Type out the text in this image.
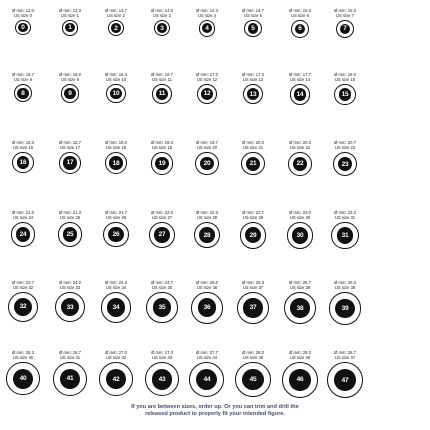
Ø mm: 13.0
US size 0
0
Ø mm: 13.3
US size 1
1
Ø mm: 13.7
US size 2
2
Ø mm: 14.0
US size 3
3
Ø mm: 14.3
US size 4
4
Ø mm: 14.7
US size 5
5
Ø mm: 15.0
US size 6
6
Ø mm: 15.3
US size 7
7
Ø mm: 15.7
US size 8
8
Ø mm: 16.0
US size 9
9
Ø mm: 16.3
US size 10
10
Ø mm: 16.7
US size 11
11
Ø mm: 17.0
US size 12
12
Ø mm: 17.3
US size 13
13
Ø mm: 17.7
US size 14
14
Ø mm: 18.0
US size 15
15
Ø mm: 18.3
US size 16
16
Ø mm: 18.7
US size 17
17
Ø mm: 19.0
US size 18
18
Ø mm: 19.3
US size 19
19
Ø mm: 19.7
US size 20
20
Ø mm: 20.0
US size 21
21
Ø mm: 20.3
US size 22
22
Ø mm: 20.7
US size 23
23
Ø mm: 21.0
US size 24
24
Ø mm: 21.3
US size 25
25
Ø mm: 21.7
US size 26
26
Ø mm: 22.0
US size 27
27
Ø mm: 22.3
US size 28
28
Ø mm: 22.7
US size 29
29
Ø mm: 23.0
US size 30
30
Ø mm: 23.3
US size 31
31
Ø mm: 23.7
US size 32
32
Ø mm: 24.0
US size 33
33
Ø mm: 24.3
US size 34
34
Ø mm: 24.7
US size 35
35
Ø mm: 25.0
US size 36
36
Ø mm: 25.3
US size 37
37
Ø mm: 25.7
US size 38
38
Ø mm: 26.0
US size 39
39
Ø mm: 26.3
US size 40
40
Ø mm: 26.7
US size 41
41
Ø mm: 27.0
US size 42
42
Ø mm: 27.3
US size 43
43
Ø mm: 27.7
US size 44
44
Ø mm: 28.0
US size 45
45
Ø mm: 28.3
US size 46
46
Ø mm: 28.7
US size 47
47
If you are between sizes, order up. Or you can trim and drill the
released product to properly fit your intended figure.
